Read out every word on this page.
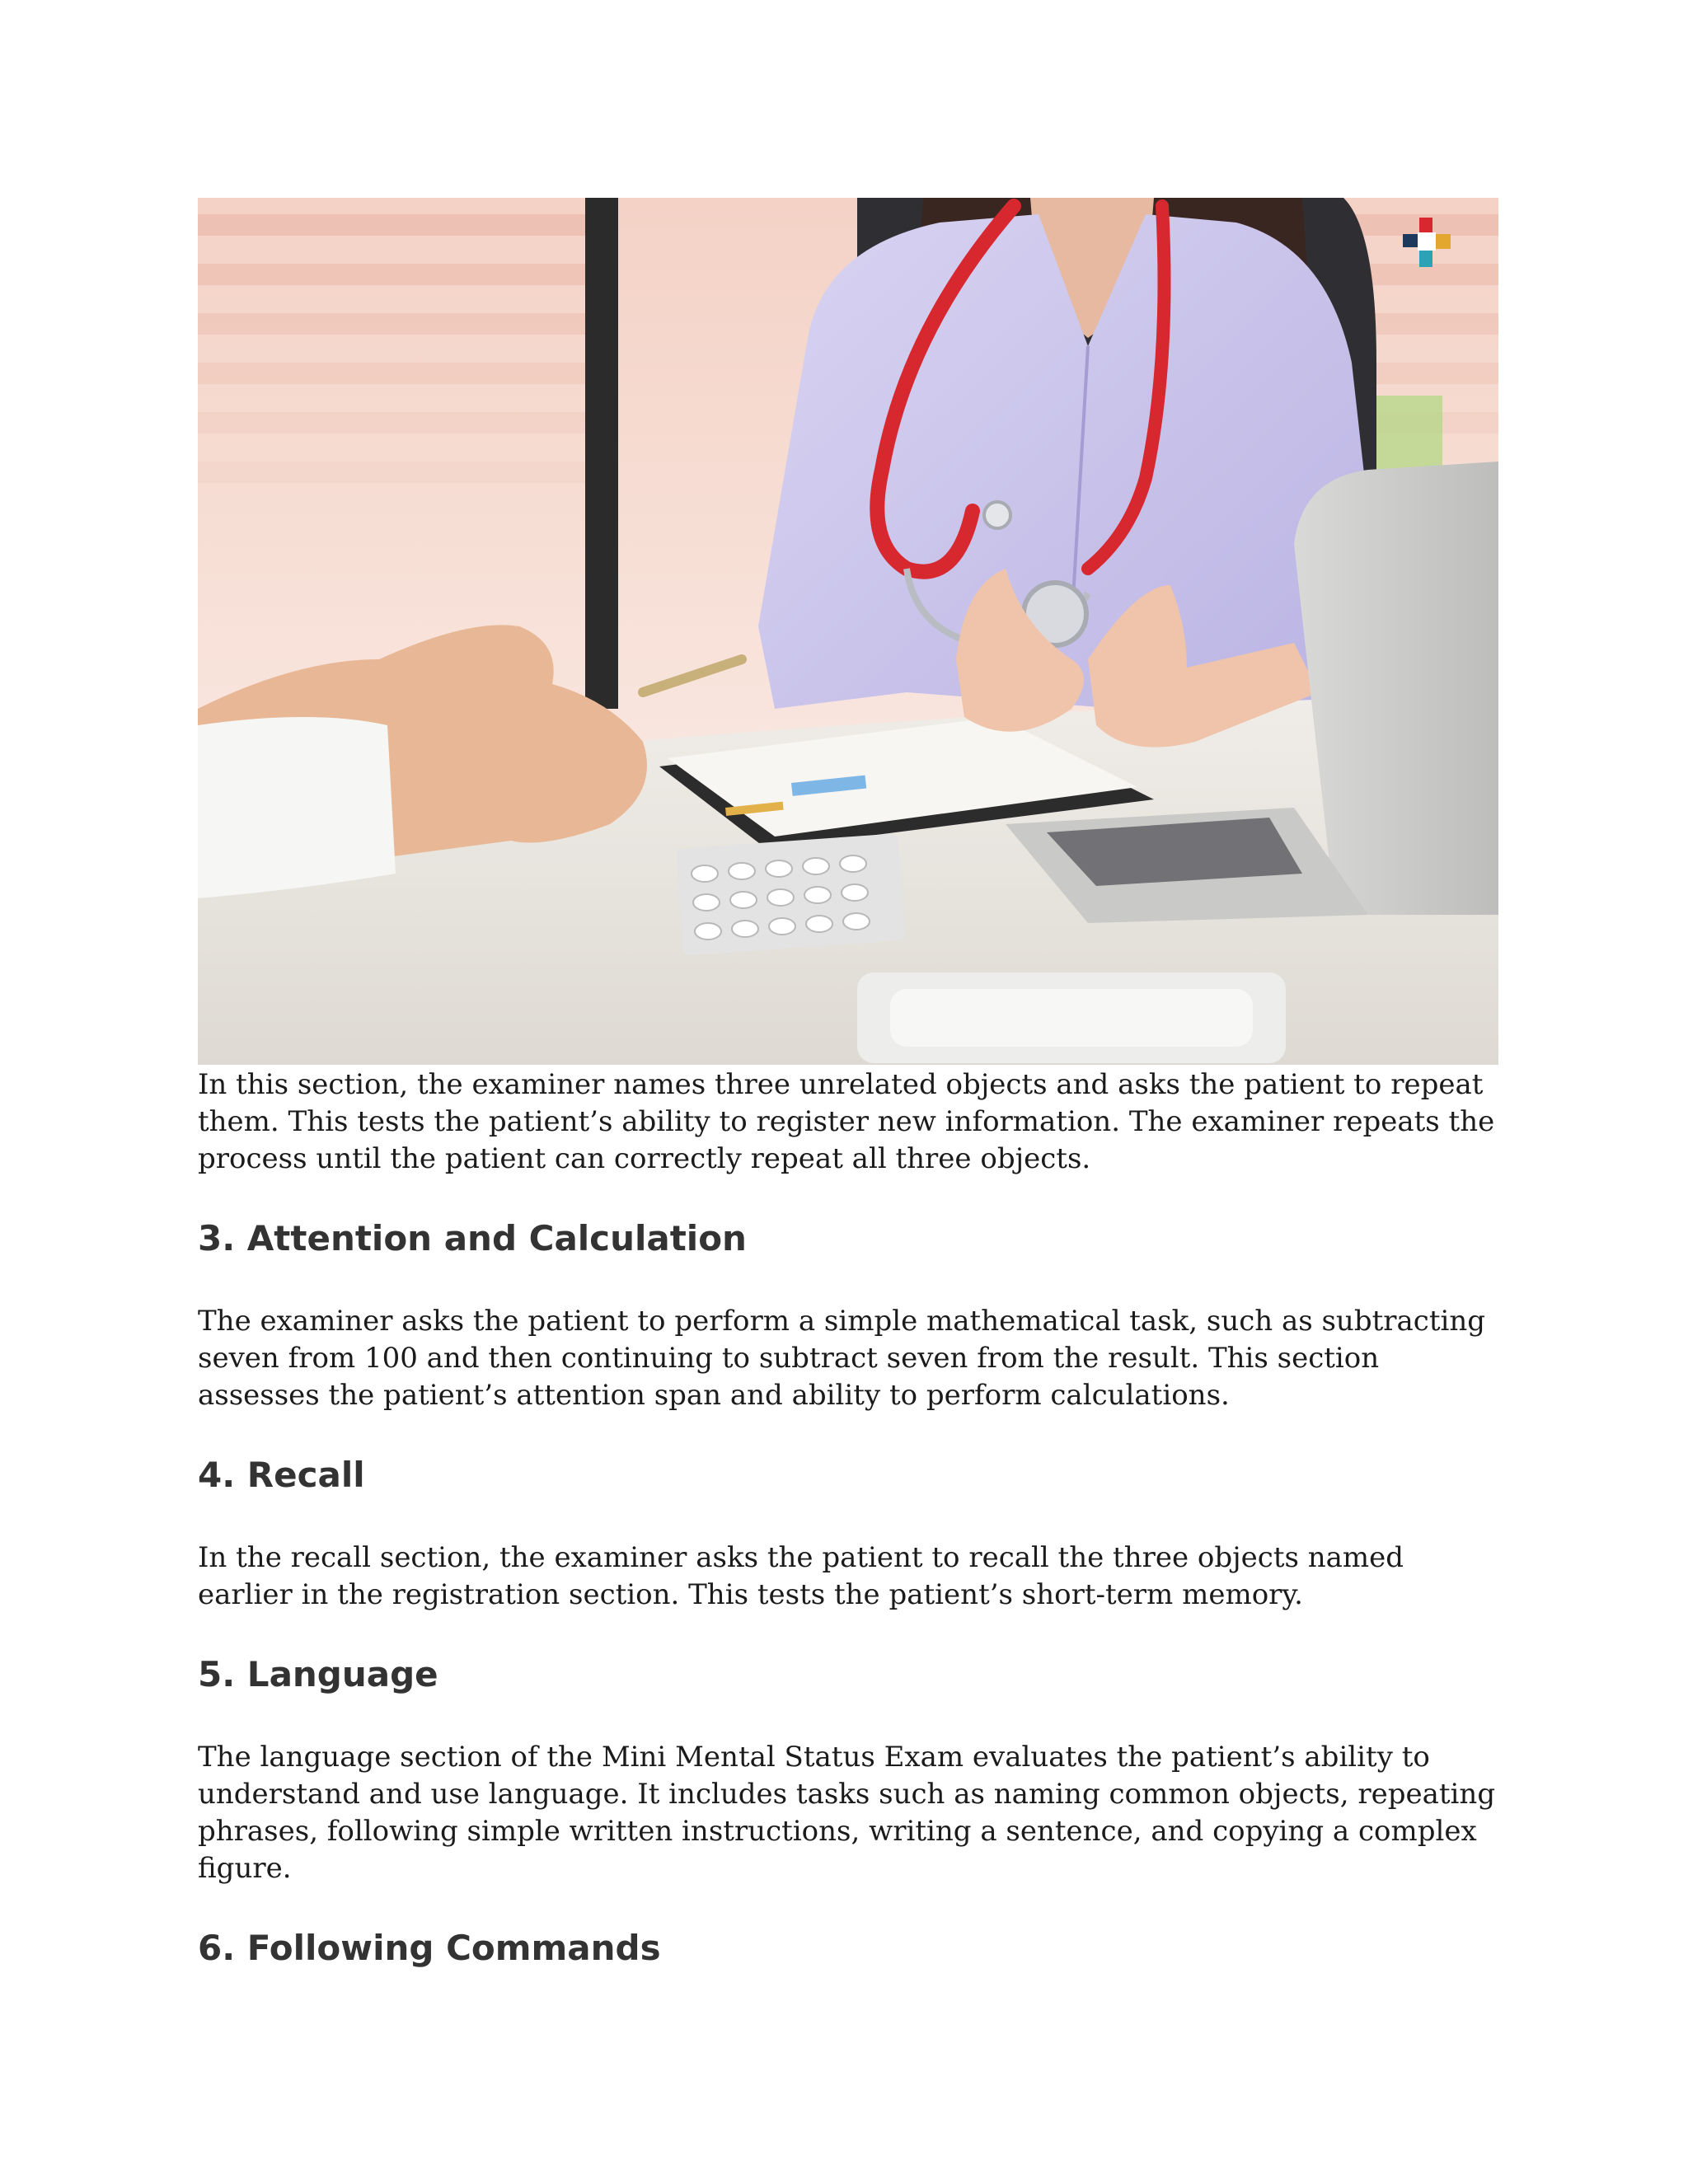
In this section, the examiner names three unrelated objects and asks the patient to repeat them. This tests the patient’s ability to register new information. The examiner repeats the process until the patient can correctly repeat all three objects.

3. Attention and Calculation

The examiner asks the patient to perform a simple mathematical task, such as subtracting seven from 100 and then continuing to subtract seven from the result. This section assesses the patient’s attention span and ability to perform calculations.

4. Recall

In the recall section, the examiner asks the patient to recall the three objects named earlier in the registration section. This tests the patient’s short-term memory.

5. Language

The language section of the Mini Mental Status Exam evaluates the patient’s ability to understand and use language. It includes tasks such as naming common objects, repeating phrases, following simple written instructions, writing a sentence, and copying a complex figure.

6. Following Commands
